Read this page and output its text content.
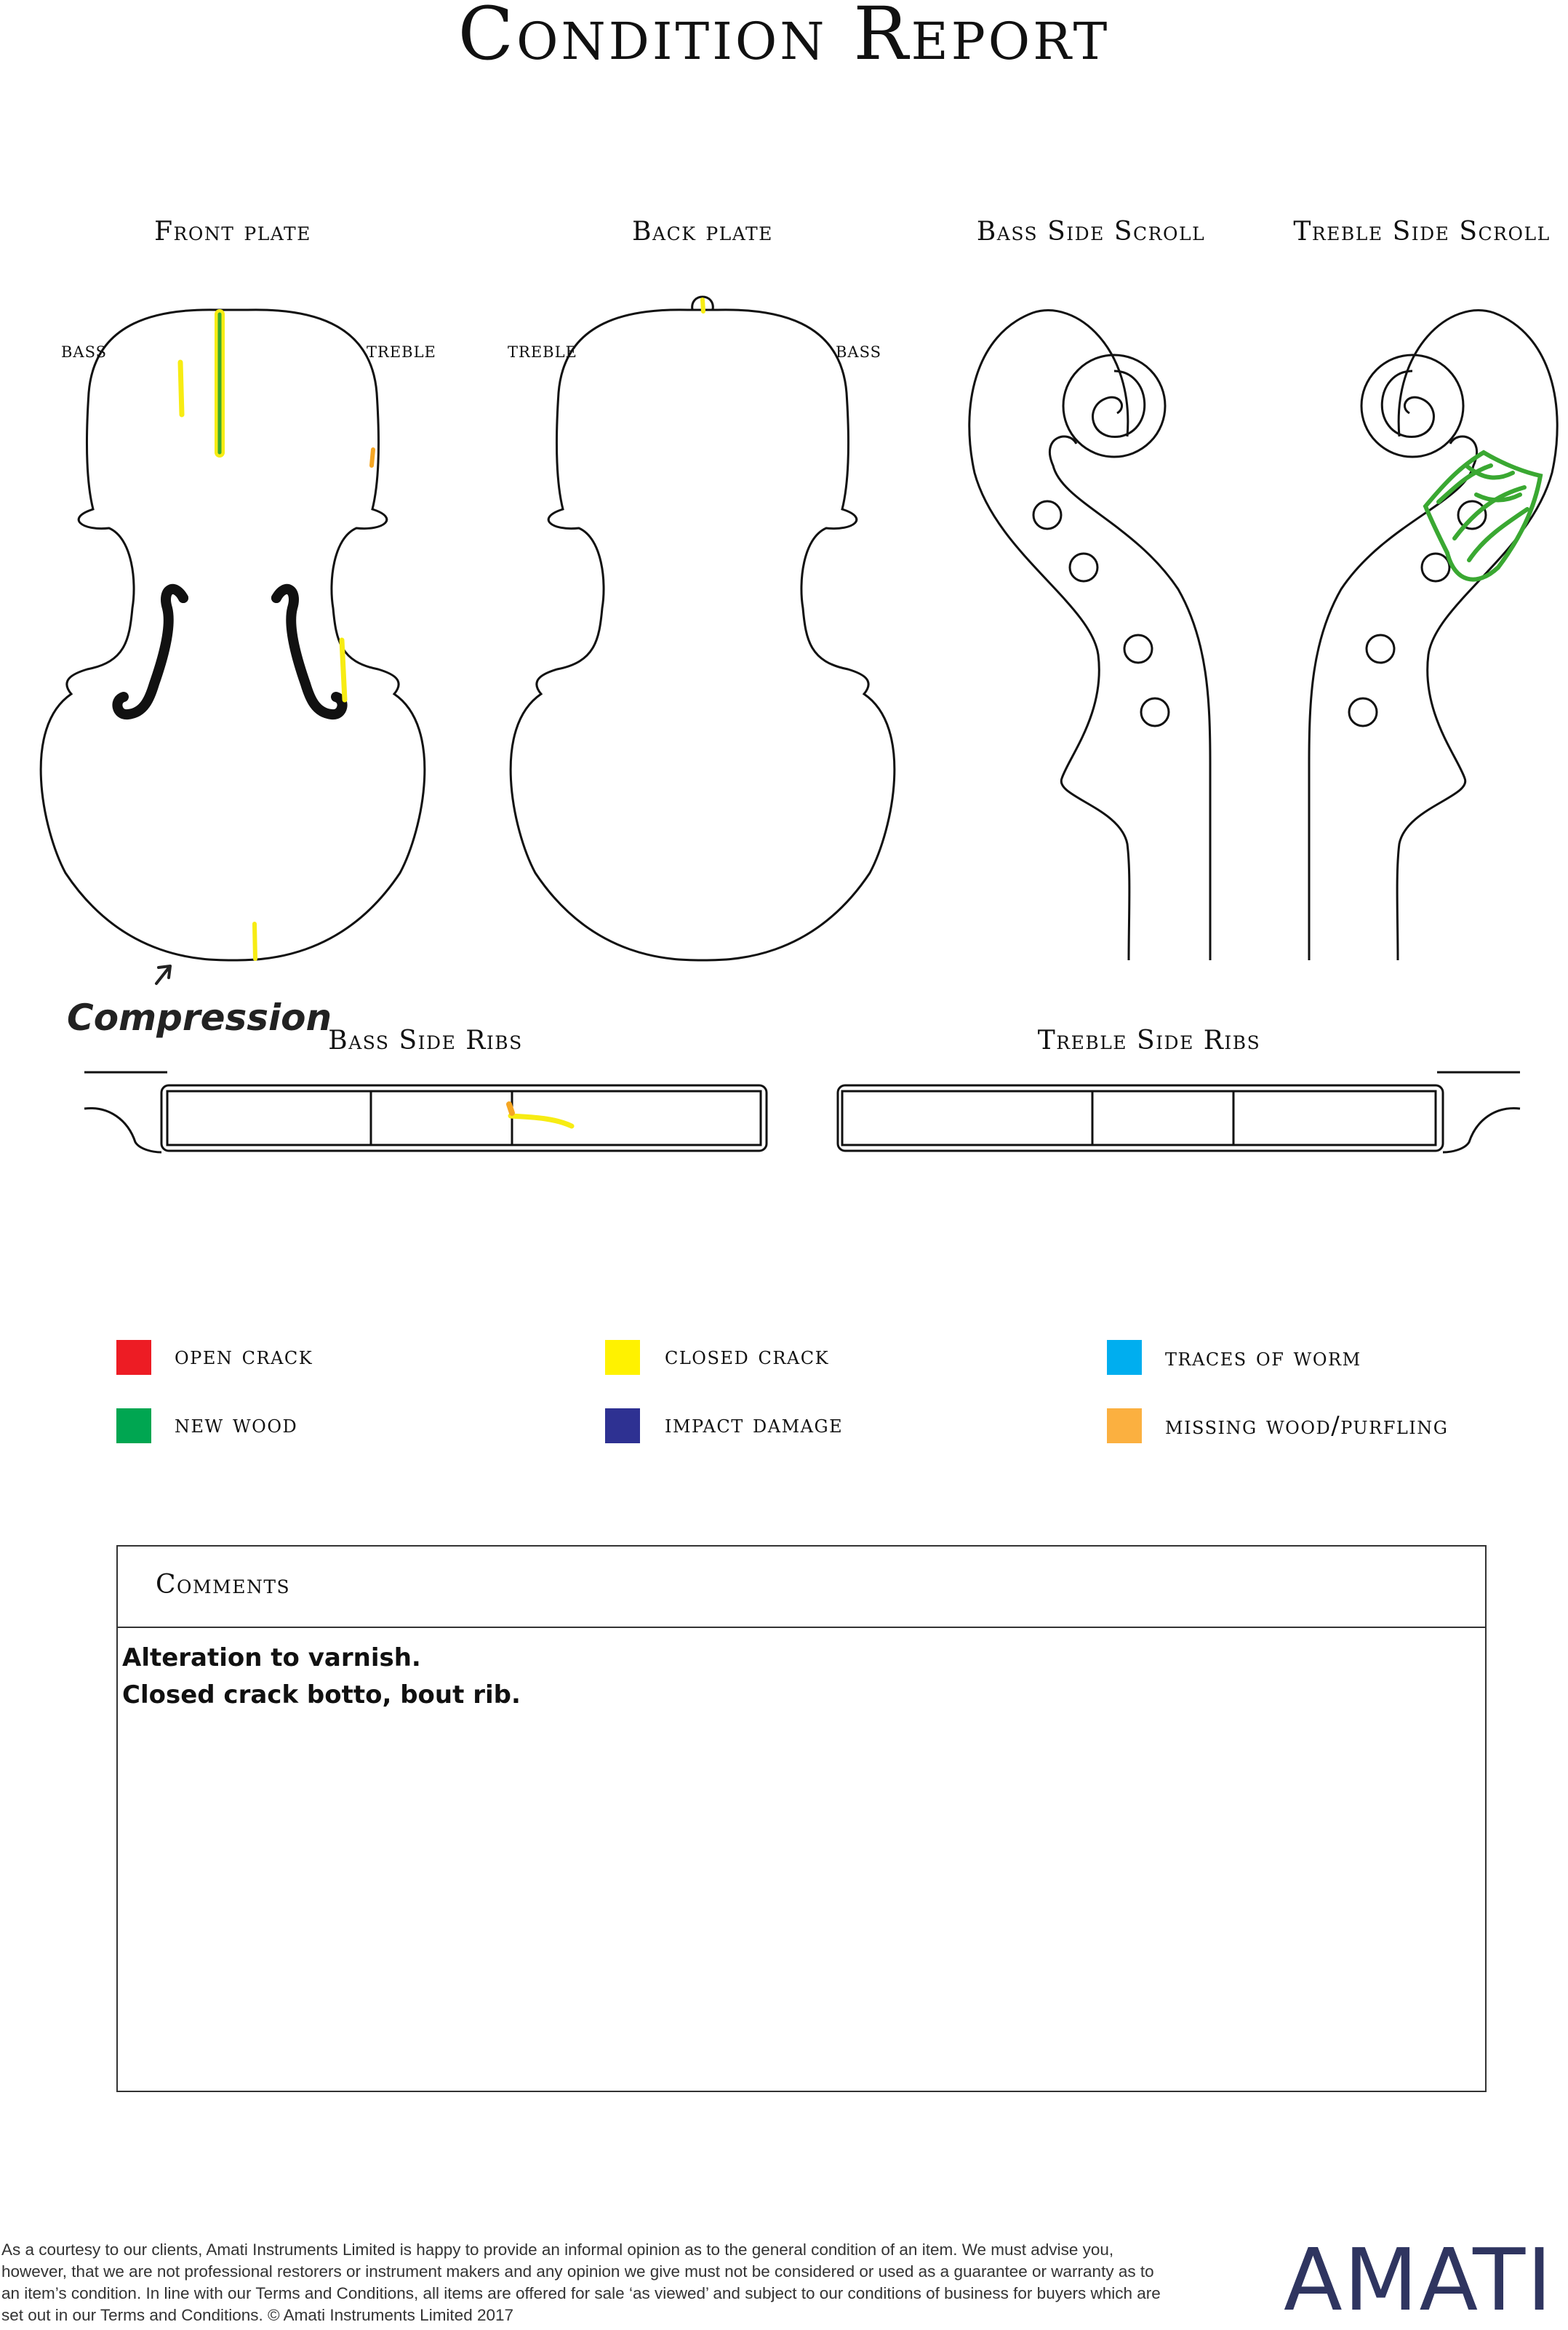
Condition Report
Front plate	Back plate	Bass Side Scroll	Treble Side Scroll
Bass Side Ribs	Treble Side Ribs
BASS	TREBLE	TREBLE	BASS
Compression
open crack	closed crack	traces of worm
new wood	impact damage	missing wood/purfling
Comments
Alteration to varnish.
Closed crack botto, bout rib.
As a courtesy to our clients, Amati Instruments Limited is happy to provide an informal opinion as to the general condition of an item. We must advise you, however, that we are not professional restorers or instrument makers and any opinion we give must not be considered or used as a guarantee or warranty as to an item’s condition. In line with our Terms and Conditions, all items are offered for sale ‘as viewed’ and subject to our conditions of business for buyers which are set out in our Terms and Conditions. © Amati Instruments Limited 2017	AMATI
